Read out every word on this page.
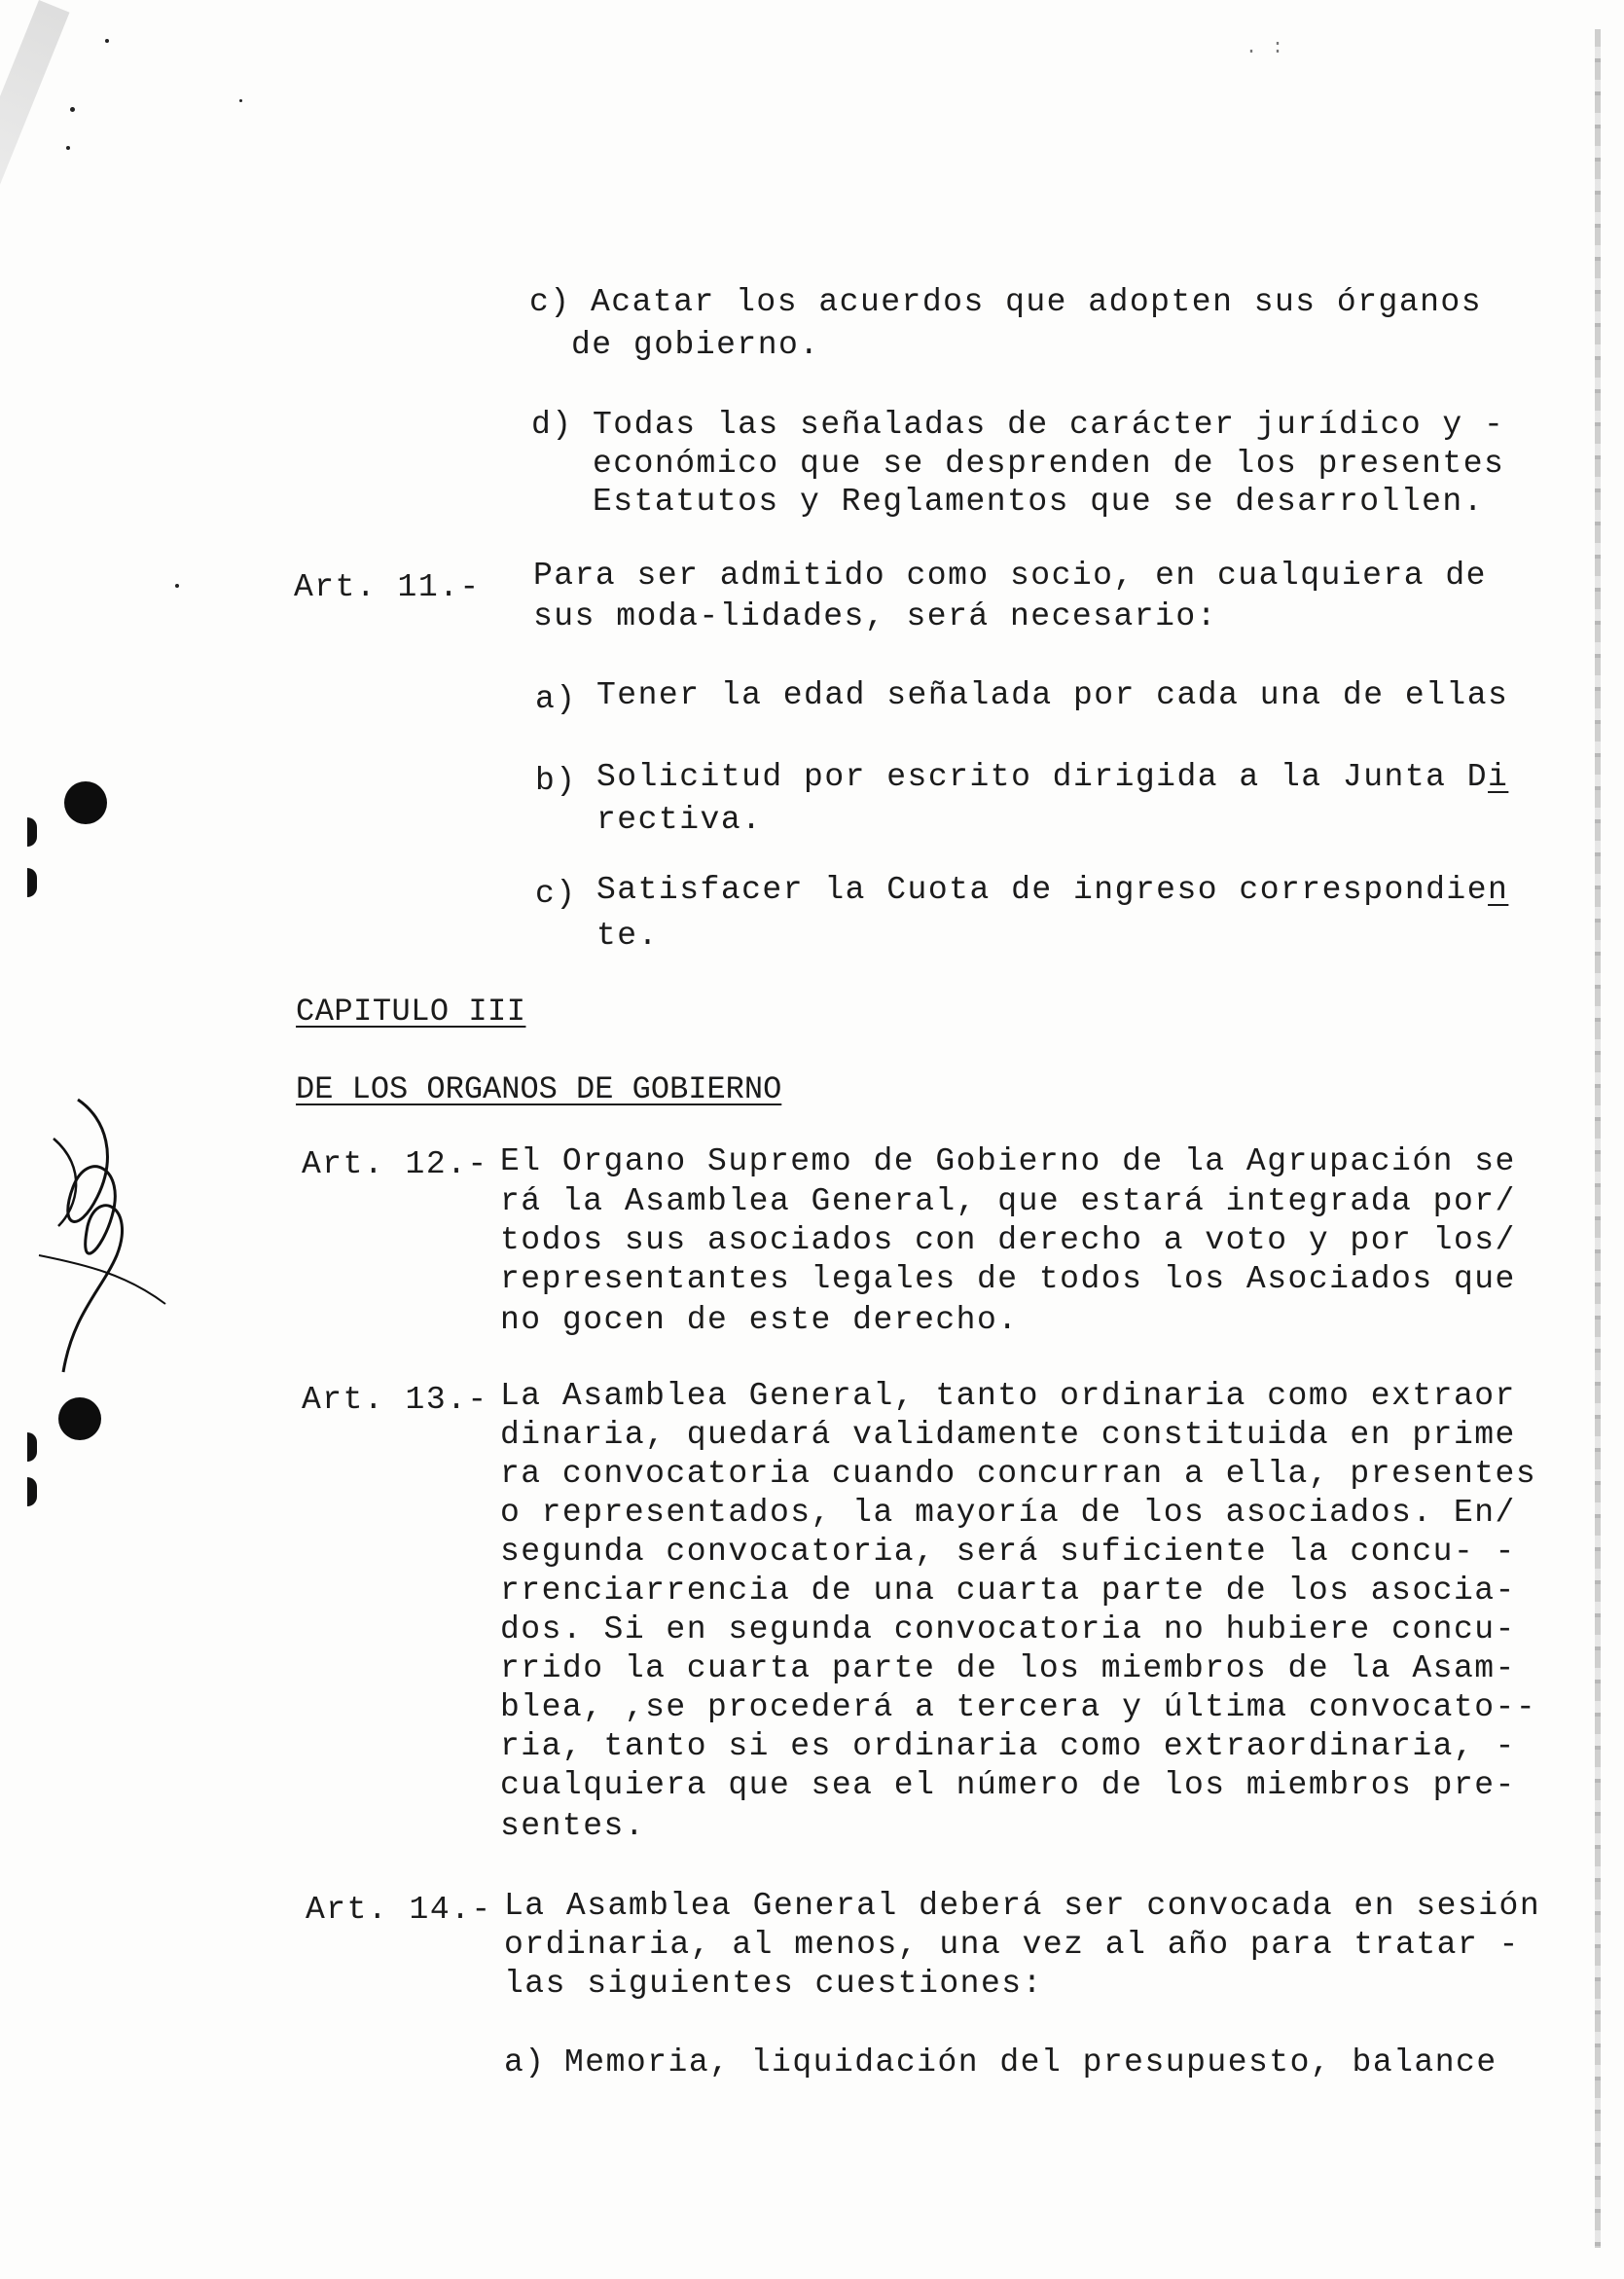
. :
c) Acatar los acuerdos que adopten sus órganos
de gobierno.
d) Todas las señaladas de carácter jurídico y -
económico que se desprenden de los presentes
Estatutos y Reglamentos que se desarrollen.
Art. 11.- Para ser admitido como socio, en cualquiera de
sus moda-lidades, será necesario:
a) Tener la edad señalada por cada una de ellas
b) Solicitud por escrito dirigida a la Junta Di
rectiva.
c) Satisfacer la Cuota de ingreso correspondien
te.
CAPITULO III
DE LOS ORGANOS DE GOBIERNO
Art. 12.- El Organo Supremo de Gobierno de la Agrupación se
rá la Asamblea General, que estará integrada por/
todos sus asociados con derecho a voto y por los/
representantes legales de todos los Asociados que
no gocen de este derecho.
Art. 13.- La Asamblea General, tanto ordinaria como extraor
dinaria, quedará validamente constituida en prime
ra convocatoria cuando concurran a ella, presentes
o representados, la mayoría de los asociados. En/
segunda convocatoria, será suficiente la concu- -
rrenciarrencia de una cuarta parte de los asocia-
dos. Si en segunda convocatoria no hubiere concu-
rrido la cuarta parte de los miembros de la Asam-
blea, ,se procederá a tercera y última convocato--
ria, tanto si es ordinaria como extraordinaria, -
cualquiera que sea el número de los miembros pre-
sentes.
Art. 14.- La Asamblea General deberá ser convocada en sesión
ordinaria, al menos, una vez al año para tratar -
las siguientes cuestiones:
a) Memoria, liquidación del presupuesto, balance
